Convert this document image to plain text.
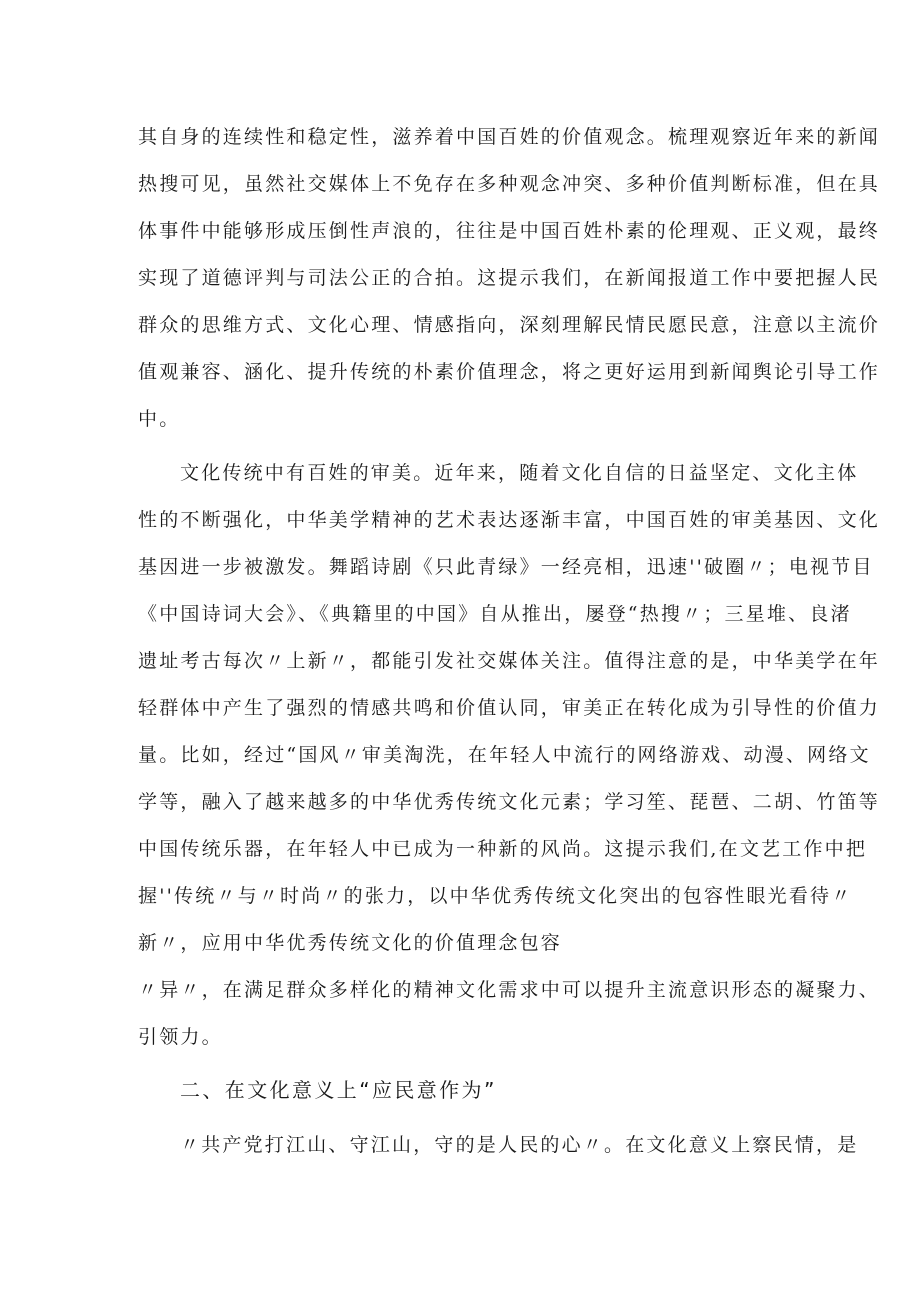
其自身的连续性和稳定性，滋养着中国百姓的价值观念。梳理观察近年来的新闻
热搜可见，虽然社交媒体上不免存在多种观念冲突、多种价值判断标准，但在具
体事件中能够形成压倒性声浪的，往往是中国百姓朴素的伦理观、正义观，最终
实现了道德评判与司法公正的合拍。这提示我们，在新闻报道工作中要把握人民
群众的思维方式、文化心理、情感指向，深刻理解民情民愿民意，注意以主流价
值观兼容、涵化、提升传统的朴素价值理念，将之更好运用到新闻舆论引导工作
中。
文化传统中有百姓的审美。近年来，随着文化自信的日益坚定、文化主体
性的不断强化，中华美学精神的艺术表达逐渐丰富，中国百姓的审美基因、文化
基因进一步被激发。舞蹈诗剧《只此青绿》一经亮相，迅速''破圈〃；电视节目
《中国诗词大会》、《典籍里的中国》自从推出，屡登“热搜〃；三星堆、良渚
遗址考古每次〃上新〃，都能引发社交媒体关注。值得注意的是，中华美学在年
轻群体中产生了强烈的情感共鸣和价值认同，审美正在转化成为引导性的价值力
量。比如，经过“国风〃审美淘洗，在年轻人中流行的网络游戏、动漫、网络文
学等，融入了越来越多的中华优秀传统文化元素；学习笙、琵琶、二胡、竹笛等
中国传统乐器，在年轻人中已成为一种新的风尚。这提示我们,在文艺工作中把
握''传统〃与〃时尚〃的张力，以中华优秀传统文化突出的包容性眼光看待〃
新〃，应用中华优秀传统文化的价值理念包容
〃异〃，在满足群众多样化的精神文化需求中可以提升主流意识形态的凝聚力、
引领力。
二、在文化意义上“应民意作为”
〃共产党打江山、守江山，守的是人民的心〃。在文化意义上察民情，是
